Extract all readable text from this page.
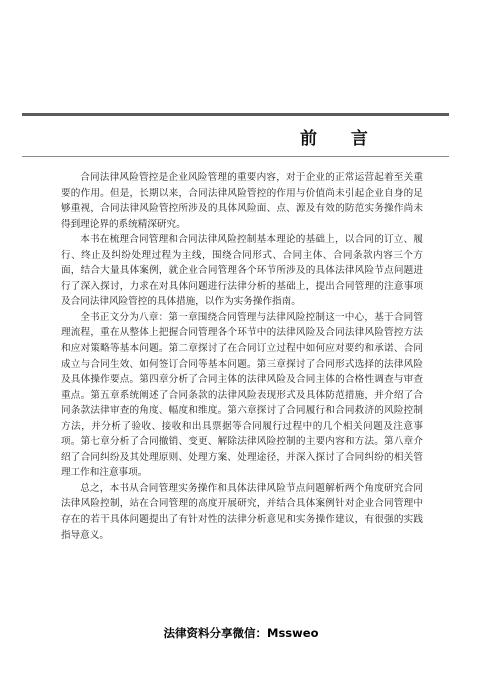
前 言

合同法律风险管控是企业风险管理的重要内容，对于企业的正常运营起着至关重要的作用。但是，长期以来，合同法律风险管控的作用与价值尚未引起企业自身的足够重视，合同法律风险管控所涉及的具体风险面、点、源及有效的防范实务操作尚未得到理论界的系统精深研究。

本书在梳理合同管理和合同法律风险控制基本理论的基础上，以合同的订立、履行、终止及纠纷处理过程为主线，围绕合同形式、合同主体、合同条款内容三个方面，结合大量具体案例，就企业合同管理各个环节所涉及的具体法律风险节点问题进行了深入探讨，力求在对具体问题进行法律分析的基础上，提出合同管理的注意事项及合同法律风险管控的具体措施，以作为实务操作指南。

全书正文分为八章：第一章围绕合同管理与法律风险控制这一中心，基于合同管理流程，重在从整体上把握合同管理各个环节中的法律风险及合同法律风险管控方法和应对策略等基本问题。第二章探讨了在合同订立过程中如何应对要约和承诺、合同成立与合同生效、如何签订合同等基本问题。第三章探讨了合同形式选择的法律风险及具体操作要点。第四章分析了合同主体的法律风险及合同主体的合格性调查与审查重点。第五章系统阐述了合同条款的法律风险表现形式及具体防范措施，并介绍了合同条款法律审查的角度、幅度和维度。第六章探讨了合同履行和合同救济的风险控制方法，并分析了验收、接收和出具票据等合同履行过程中的几个相关问题及注意事项。第七章分析了合同撤销、变更、解除法律风险控制的主要内容和方法。第八章介绍了合同纠纷及其处理原则、处理方案、处理途径，并深入探讨了合同纠纷的相关管理工作和注意事项。

总之，本书从合同管理实务操作和具体法律风险节点问题解析两个角度研究合同法律风险控制，站在合同管理的高度开展研究，并结合具体案例针对企业合同管理中存在的若干具体问题提出了有针对性的法律分析意见和实务操作建议，有很强的实践指导意义。

法律资料分享微信：Mssweo
